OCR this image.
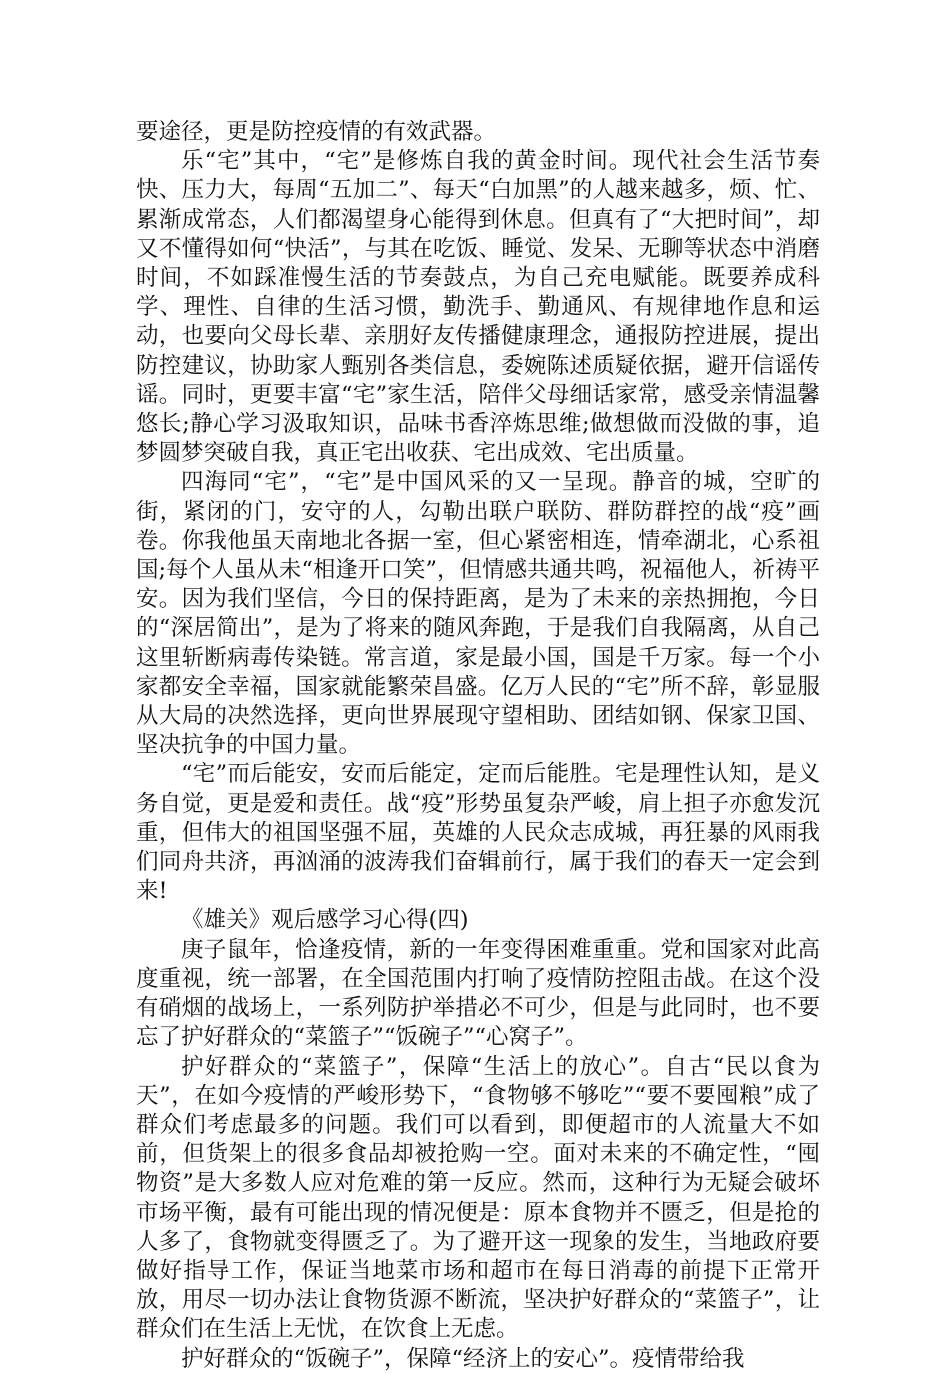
要途径，更是防控疫情的有效武器。

乐“宅”其中，“宅”是修炼自我的黄金时间。现代社会生活节奏快、压力大，每周“五加二”、每天“白加黑”的人越来越多，烦、忙、累渐成常态，人们都渴望身心能得到休息。但真有了“大把时间”，却又不懂得如何“快活”，与其在吃饭、睡觉、发呆、无聊等状态中消磨时间，不如踩准慢生活的节奏鼓点，为自己充电赋能。既要养成科学、理性、自律的生活习惯，勤洗手、勤通风、有规律地作息和运动，也要向父母长辈、亲朋好友传播健康理念，通报防控进展，提出防控建议，协助家人甄别各类信息，委婉陈述质疑依据，避开信谣传谣。同时，更要丰富“宅”家生活，陪伴父母细话家常，感受亲情温馨悠长;静心学习汲取知识，品味书香淬炼思维;做想做而没做的事，追梦圆梦突破自我，真正宅出收获、宅出成效、宅出质量。

四海同“宅”，“宅”是中国风采的又一呈现。静音的城，空旷的街，紧闭的门，安守的人，勾勒出联户联防、群防群控的战“疫”画卷。你我他虽天南地北各据一室，但心紧密相连，情牵湖北，心系祖国;每个人虽从未“相逢开口笑”，但情感共通共鸣，祝福他人，祈祷平安。因为我们坚信，今日的保持距离，是为了未来的亲热拥抱，今日的“深居简出”，是为了将来的随风奔跑，于是我们自我隔离，从自己这里斩断病毒传染链。常言道，家是最小国，国是千万家。每一个小家都安全幸福，国家就能繁荣昌盛。亿万人民的“宅”所不辞，彰显服从大局的决然选择，更向世界展现守望相助、团结如钢、保家卫国、坚决抗争的中国力量。

“宅”而后能安，安而后能定，定而后能胜。宅是理性认知，是义务自觉，更是爱和责任。战“疫”形势虽复杂严峻，肩上担子亦愈发沉重，但伟大的祖国坚强不屈，英雄的人民众志成城，再狂暴的风雨我们同舟共济，再汹涌的波涛我们奋辑前行，属于我们的春天一定会到来!

《雄关》观后感学习心得(四)

庚子鼠年，恰逢疫情，新的一年变得困难重重。党和国家对此高度重视，统一部署，在全国范围内打响了疫情防控阻击战。在这个没有硝烟的战场上，一系列防护举措必不可少，但是与此同时，也不要忘了护好群众的“菜篮子”“饭碗子”“心窝子”。

护好群众的“菜篮子”，保障“生活上的放心”。自古“民以食为天”，在如今疫情的严峻形势下，“食物够不够吃”“要不要囤粮”成了群众们考虑最多的问题。我们可以看到，即便超市的人流量大不如前，但货架上的很多食品却被抢购一空。面对未来的不确定性，“囤物资”是大多数人应对危难的第一反应。然而，这种行为无疑会破坏市场平衡，最有可能出现的情况便是：原本食物并不匮乏，但是抢的人多了，食物就变得匮乏了。为了避开这一现象的发生，当地政府要做好指导工作，保证当地菜市场和超市在每日消毒的前提下正常开放，用尽一切办法让食物货源不断流，坚决护好群众的“菜篮子”，让群众们在生活上无忧，在饮食上无虑。

护好群众的“饭碗子”，保障“经济上的安心”。疫情带给我
